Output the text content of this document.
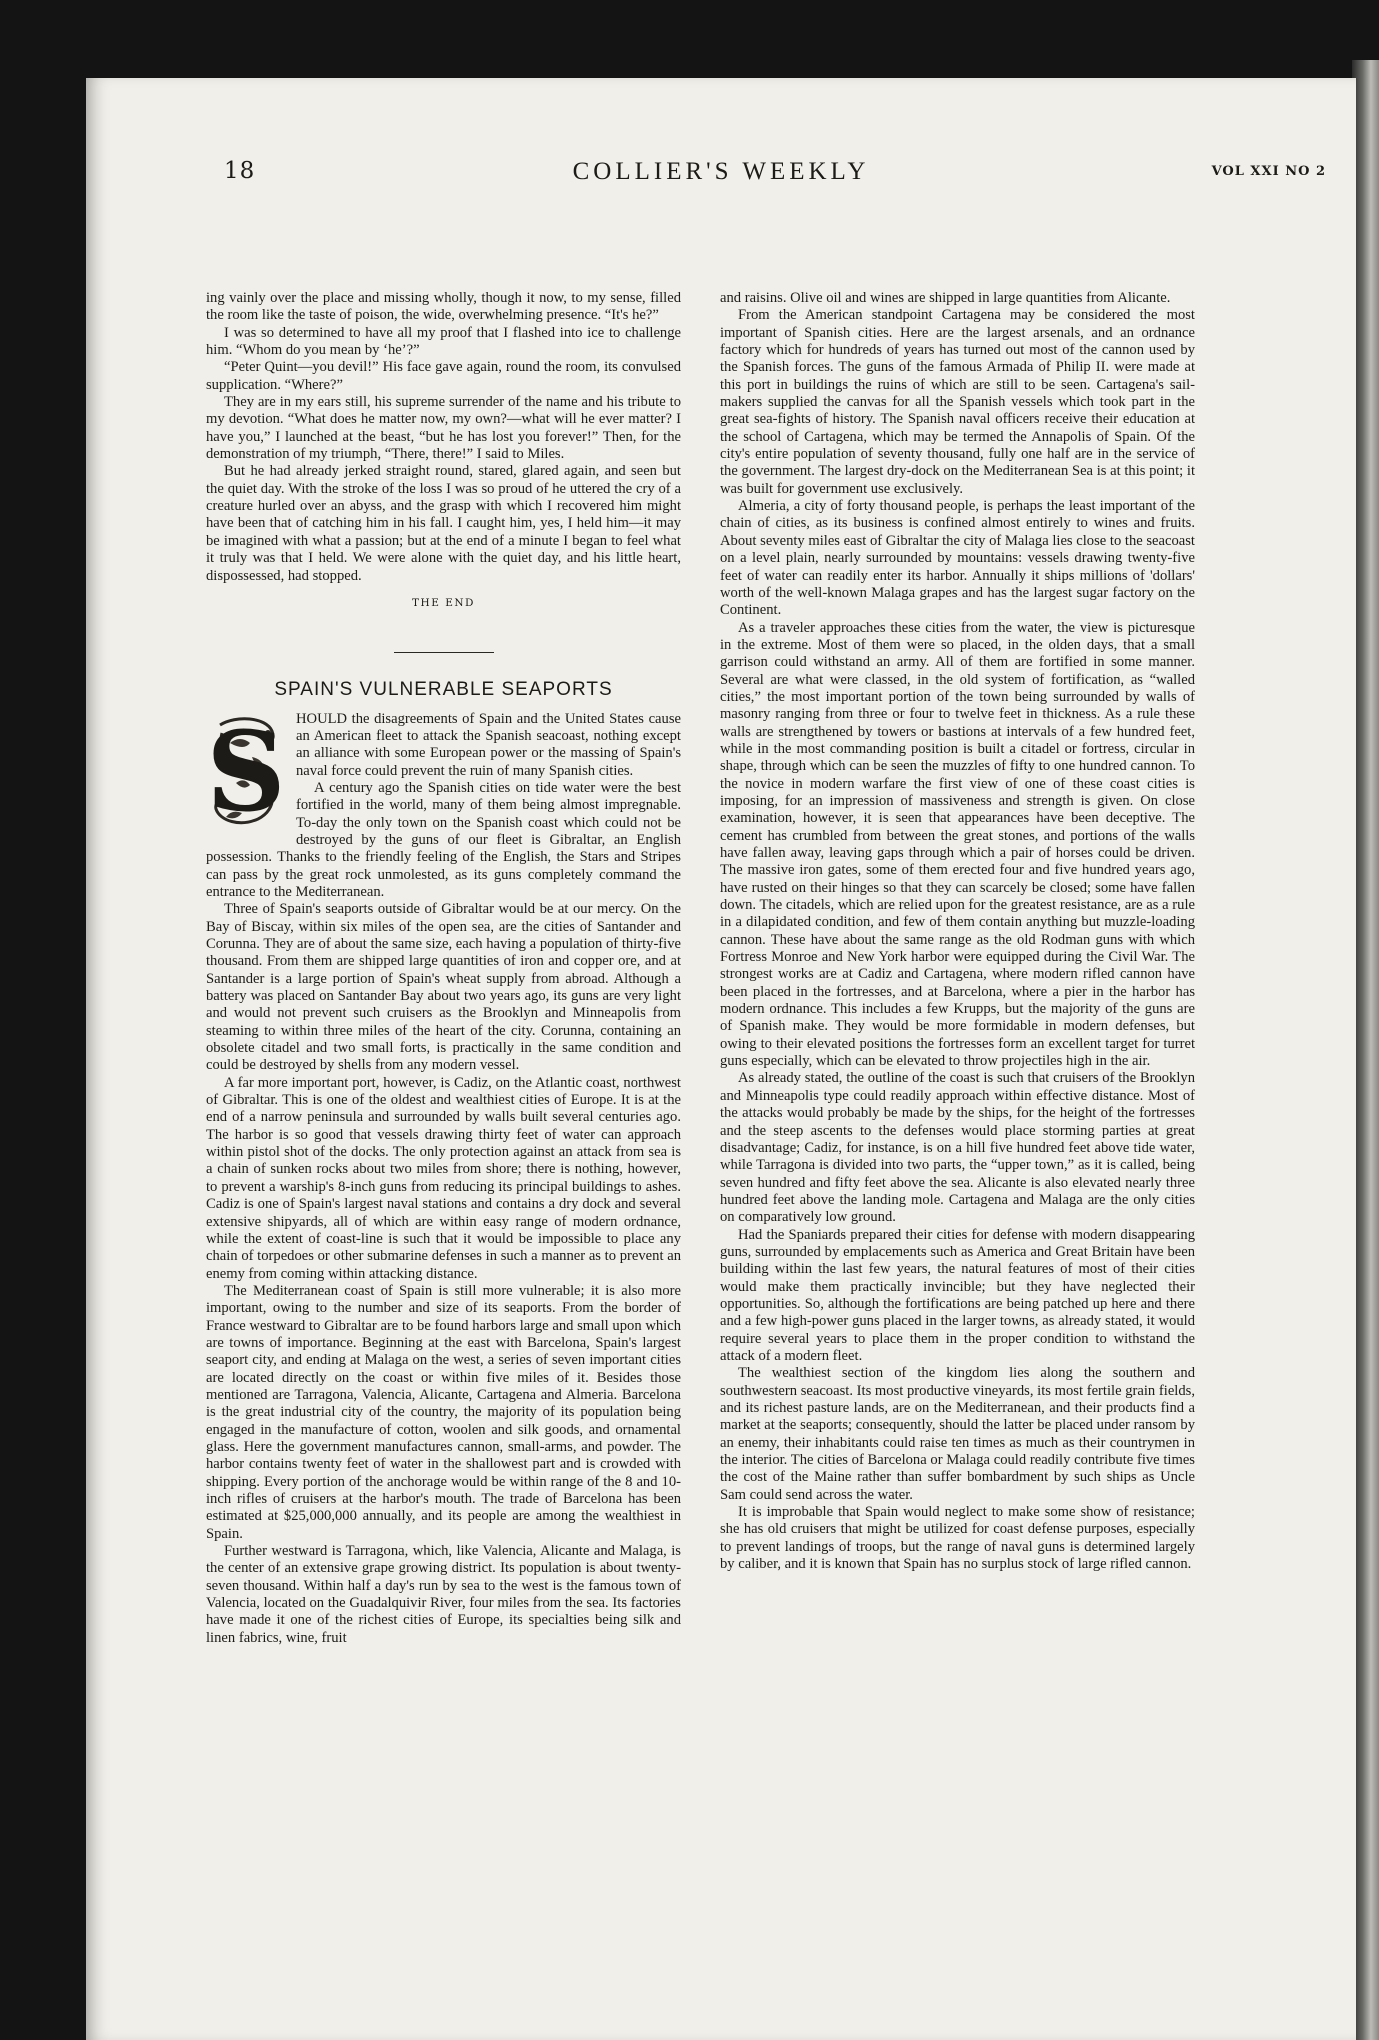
18	COLLIER'S WEEKLY	VOL XXI NO 2

ing vainly over the place and missing wholly, though it now, to my sense, filled the room like the taste of poison, the wide, overwhelming presence. “It's he?”

I was so determined to have all my proof that I flashed into ice to challenge him. “Whom do you mean by ‘he’?”

“Peter Quint—you devil!” His face gave again, round the room, its convulsed supplication. “Where?”

They are in my ears still, his supreme surrender of the name and his tribute to my devotion. “What does he matter now, my own?—what will he ever matter? I have you,” I launched at the beast, “but he has lost you forever!” Then, for the demonstration of my triumph, “There, there!” I said to Miles.

But he had already jerked straight round, stared, glared again, and seen but the quiet day. With the stroke of the loss I was so proud of he uttered the cry of a creature hurled over an abyss, and the grasp with which I recovered him might have been that of catching him in his fall. I caught him, yes, I held him—it may be imagined with what a passion; but at the end of a minute I began to feel what it truly was that I held. We were alone with the quiet day, and his little heart, dispossessed, had stopped.

THE END
SPAIN'S VULNERABLE SEAPORTS
S HOULD the disagreements of Spain and the United States cause an American fleet to attack the Spanish seacoast, nothing except an alliance with some European power or the massing of Spain's naval force could prevent the ruin of many Spanish cities.

A century ago the Spanish cities on tide water were the best fortified in the world, many of them being almost impregnable. To-day the only town on the Spanish coast which could not be destroyed by the guns of our fleet is Gibraltar, an English possession. Thanks to the friendly feeling of the English, the Stars and Stripes can pass by the great rock unmolested, as its guns completely command the entrance to the Mediterranean.

Three of Spain's seaports outside of Gibraltar would be at our mercy. On the Bay of Biscay, within six miles of the open sea, are the cities of Santander and Corunna. They are of about the same size, each having a population of thirty-five thousand. From them are shipped large quantities of iron and copper ore, and at Santander is a large portion of Spain's wheat supply from abroad. Although a battery was placed on Santander Bay about two years ago, its guns are very light and would not prevent such cruisers as the Brooklyn and Minneapolis from steaming to within three miles of the heart of the city. Corunna, containing an obsolete citadel and two small forts, is practically in the same condition and could be destroyed by shells from any modern vessel.

A far more important port, however, is Cadiz, on the Atlantic coast, northwest of Gibraltar. This is one of the oldest and wealthiest cities of Europe. It is at the end of a narrow peninsula and surrounded by walls built several centuries ago. The harbor is so good that vessels drawing thirty feet of water can approach within pistol shot of the docks. The only protection against an attack from sea is a chain of sunken rocks about two miles from shore; there is nothing, however, to prevent a warship's 8-inch guns from reducing its principal buildings to ashes. Cadiz is one of Spain's largest naval stations and contains a dry dock and several extensive shipyards, all of which are within easy range of modern ordnance, while the extent of coast-line is such that it would be impossible to place any chain of torpedoes or other submarine defenses in such a manner as to prevent an enemy from coming within attacking distance.

The Mediterranean coast of Spain is still more vulnerable; it is also more important, owing to the number and size of its seaports. From the border of France westward to Gibraltar are to be found harbors large and small upon which are towns of importance. Beginning at the east with Barcelona, Spain's largest seaport city, and ending at Malaga on the west, a series of seven important cities are located directly on the coast or within five miles of it. Besides those mentioned are Tarragona, Valencia, Alicante, Cartagena and Almeria. Barcelona is the great industrial city of the country, the majority of its population being engaged in the manufacture of cotton, woolen and silk goods, and ornamental glass. Here the government manufactures cannon, small-arms, and powder. The harbor contains twenty feet of water in the shallowest part and is crowded with shipping. Every portion of the anchorage would be within range of the 8 and 10-inch rifles of cruisers at the harbor's mouth. The trade of Barcelona has been estimated at $25,000,000 annually, and its people are among the wealthiest in Spain.

Further westward is Tarragona, which, like Valencia, Alicante and Malaga, is the center of an extensive grape growing district. Its population is about twenty-seven thousand. Within half a day's run by sea to the west is the famous town of Valencia, located on the Guadalquivir River, four miles from the sea. Its factories have made it one of the richest cities of Europe, its specialties being silk and linen fabrics, wine, fruit

and raisins. Olive oil and wines are shipped in large quantities from Alicante.

From the American standpoint Cartagena may be considered the most important of Spanish cities. Here are the largest arsenals, and an ordnance factory which for hundreds of years has turned out most of the cannon used by the Spanish forces. The guns of the famous Armada of Philip II. were made at this port in buildings the ruins of which are still to be seen. Cartagena's sail-makers supplied the canvas for all the Spanish vessels which took part in the great sea-fights of history. The Spanish naval officers receive their education at the school of Cartagena, which may be termed the Annapolis of Spain. Of the city's entire population of seventy thousand, fully one half are in the service of the government. The largest dry-dock on the Mediterranean Sea is at this point; it was built for government use exclusively.

Almeria, a city of forty thousand people, is perhaps the least important of the chain of cities, as its business is confined almost entirely to wines and fruits. About seventy miles east of Gibraltar the city of Malaga lies close to the seacoast on a level plain, nearly surrounded by mountains: vessels drawing twenty-five feet of water can readily enter its harbor. Annually it ships millions of 'dollars' worth of the well-known Malaga grapes and has the largest sugar factory on the Continent.

As a traveler approaches these cities from the water, the view is picturesque in the extreme. Most of them were so placed, in the olden days, that a small garrison could withstand an army. All of them are fortified in some manner. Several are what were classed, in the old system of fortification, as “walled cities,” the most important portion of the town being surrounded by walls of masonry ranging from three or four to twelve feet in thickness. As a rule these walls are strengthened by towers or bastions at intervals of a few hundred feet, while in the most commanding position is built a citadel or fortress, circular in shape, through which can be seen the muzzles of fifty to one hundred cannon. To the novice in modern warfare the first view of one of these coast cities is imposing, for an impression of massiveness and strength is given. On close examination, however, it is seen that appearances have been deceptive. The cement has crumbled from between the great stones, and portions of the walls have fallen away, leaving gaps through which a pair of horses could be driven. The massive iron gates, some of them erected four and five hundred years ago, have rusted on their hinges so that they can scarcely be closed; some have fallen down. The citadels, which are relied upon for the greatest resistance, are as a rule in a dilapidated condition, and few of them contain anything but muzzle-loading cannon. These have about the same range as the old Rodman guns with which Fortress Monroe and New York harbor were equipped during the Civil War. The strongest works are at Cadiz and Cartagena, where modern rifled cannon have been placed in the fortresses, and at Barcelona, where a pier in the harbor has modern ordnance. This includes a few Krupps, but the majority of the guns are of Spanish make. They would be more formidable in modern defenses, but owing to their elevated positions the fortresses form an excellent target for turret guns especially, which can be elevated to throw projectiles high in the air.

As already stated, the outline of the coast is such that cruisers of the Brooklyn and Minneapolis type could readily approach within effective distance. Most of the attacks would probably be made by the ships, for the height of the fortresses and the steep ascents to the defenses would place storming parties at great disadvantage; Cadiz, for instance, is on a hill five hundred feet above tide water, while Tarragona is divided into two parts, the “upper town,” as it is called, being seven hundred and fifty feet above the sea. Alicante is also elevated nearly three hundred feet above the landing mole. Cartagena and Malaga are the only cities on comparatively low ground.

Had the Spaniards prepared their cities for defense with modern disappearing guns, surrounded by emplacements such as America and Great Britain have been building within the last few years, the natural features of most of their cities would make them practically invincible; but they have neglected their opportunities. So, although the fortifications are being patched up here and there and a few high-power guns placed in the larger towns, as already stated, it would require several years to place them in the proper condition to withstand the attack of a modern fleet.

The wealthiest section of the kingdom lies along the southern and southwestern seacoast. Its most productive vineyards, its most fertile grain fields, and its richest pasture lands, are on the Mediterranean, and their products find a market at the seaports; consequently, should the latter be placed under ransom by an enemy, their inhabitants could raise ten times as much as their countrymen in the interior. The cities of Barcelona or Malaga could readily contribute five times the cost of the Maine rather than suffer bombardment by such ships as Uncle Sam could send across the water.

It is improbable that Spain would neglect to make some show of resistance; she has old cruisers that might be utilized for coast defense purposes, especially to prevent landings of troops, but the range of naval guns is determined largely by caliber, and it is known that Spain has no surplus stock of large rifled cannon.
